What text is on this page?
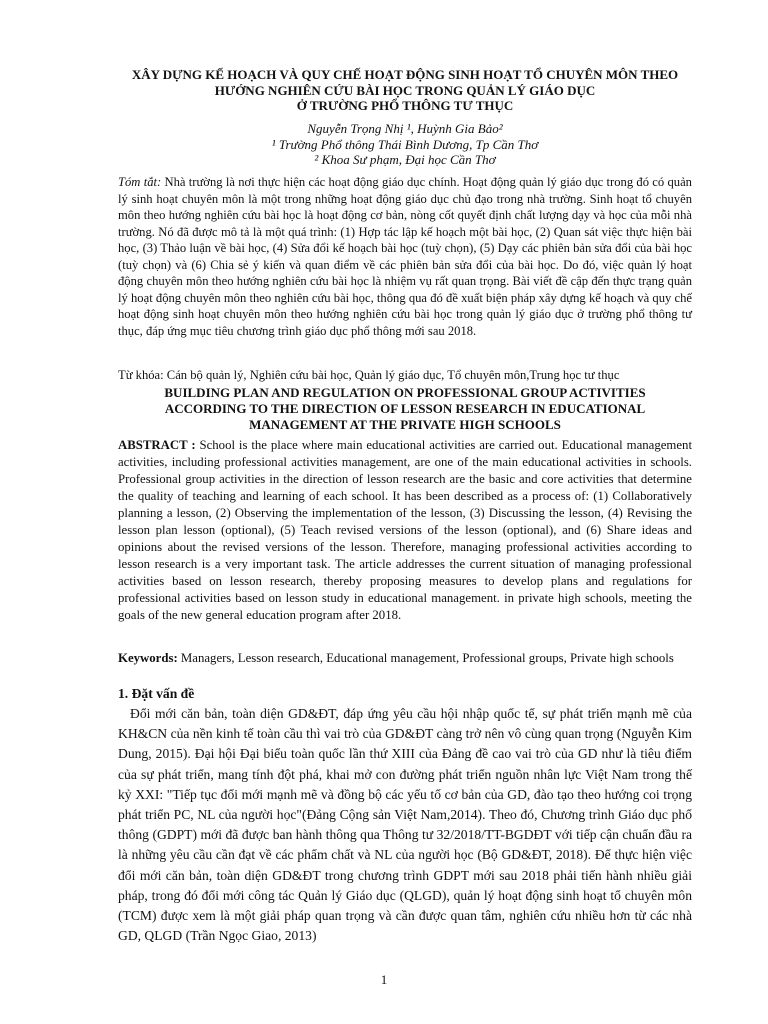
XÂY DỰNG KẾ HOẠCH VÀ QUY CHẾ HOẠT ĐỘNG SINH HOẠT TỔ CHUYÊN MÔN THEO
HƯỚNG NGHIÊN CỨU BÀI HỌC TRONG QUẢN LÝ GIÁO DỤC
Ở TRƯỜNG PHỔ THÔNG TƯ THỤC
Nguyễn Trọng Nhị ¹, Huỳnh Gia Bảo²
¹ Trường Phổ thông Thái Bình Dương, Tp Cần Thơ
² Khoa Sư phạm, Đại học Cần Thơ

Tóm tắt: Nhà trường là nơi thực hiện các hoạt động giáo dục chính. Hoạt động quản lý giáo dục trong đó có quản lý sinh hoạt chuyên môn là một trong những hoạt động giáo dục chủ đạo trong nhà trường. Sinh hoạt tổ chuyên môn theo hướng nghiên cứu bài học là hoạt động cơ bản, nòng cốt quyết định chất lượng dạy và học của mỗi nhà trường. Nó đã được mô tả là một quá trình: (1) Hợp tác lập kế hoạch một bài học, (2) Quan sát việc thực hiện bài học, (3) Thảo luận về bài học, (4) Sửa đổi kế hoạch bài học (tuỳ chọn), (5) Dạy các phiên bản sửa đổi của bài học (tuỳ chọn) và (6) Chia sẻ ý kiến và quan điểm về các phiên bản sửa đổi của bài học. Do đó, việc quản lý hoạt động chuyên môn theo hướng nghiên cứu bài học là nhiệm vụ rất quan trọng. Bài viết đề cập đến thực trạng quản lý hoạt động chuyên môn theo nghiên cứu bài học, thông qua đó đề xuất biện pháp xây dựng kế hoạch và quy chế hoạt động sinh hoạt chuyên môn theo hướng nghiên cứu bài học trong quản lý giáo dục ở trường phổ thông tư thục, đáp ứng mục tiêu chương trình giáo dục phổ thông mới sau 2018.

Từ khóa: Cán bộ quản lý, Nghiên cứu bài học, Quản lý giáo dục, Tổ chuyên môn,Trung học tư thục

BUILDING PLAN AND REGULATION ON PROFESSIONAL GROUP ACTIVITIES
ACCORDING TO THE DIRECTION OF LESSON RESEARCH IN EDUCATIONAL
MANAGEMENT AT THE PRIVATE HIGH SCHOOLS

ABSTRACT : School is the place where main educational activities are carried out. Educational management activities, including professional activities management, are one of the main educational activities in schools. Professional group activities in the direction of lesson research are the basic and core activities that determine the quality of teaching and learning of each school. It has been described as a process of: (1) Collaboratively planning a lesson, (2) Observing the implementation of the lesson, (3) Discussing the lesson, (4) Revising the lesson plan lesson (optional), (5) Teach revised versions of the lesson (optional), and (6) Share ideas and opinions about the revised versions of the lesson. Therefore, managing professional activities according to lesson research is a very important task. The article addresses the current situation of managing professional activities based on lesson research, thereby proposing measures to develop plans and regulations for professional activities based on lesson study in educational management. in private high schools, meeting the goals of the new general education program after 2018.

Keywords: Managers, Lesson research, Educational management, Professional groups, Private high schools

1. Đặt vấn đề

Đổi mới căn bản, toàn diện GD&ĐT, đáp ứng yêu cầu hội nhập quốc tế, sự phát triển mạnh mẽ của KH&CN của nền kinh tế toàn cầu thì vai trò của GD&ĐT càng trở nên vô cùng quan trọng (Nguyễn Kim Dung, 2015). Đại hội Đại biểu toàn quốc lần thứ XIII của Đảng đề cao vai trò của GD như là tiêu điểm của sự phát triển, mang tính đột phá, khai mở con đường phát triển nguồn nhân lực Việt Nam trong thế kỷ XXI: "Tiếp tục đổi mới mạnh mẽ và đồng bộ các yếu tố cơ bản của GD, đào tạo theo hướng coi trọng phát triển PC, NL của người học"(Đảng Cộng sản Việt Nam,2014). Theo đó, Chương trình Giáo dục phổ thông (GDPT) mới đã được ban hành thông qua Thông tư 32/2018/TT-BGDĐT với tiếp cận chuẩn đầu ra là những yêu cầu cần đạt về các phẩm chất và NL của người học (Bộ GD&ĐT, 2018). Để thực hiện việc đổi mới căn bản, toàn diện GD&ĐT trong chương trình GDPT mới sau 2018 phải tiến hành nhiều giải pháp, trong đó đổi mới công tác Quản lý Giáo dục (QLGD), quản lý hoạt động sinh hoạt tổ chuyên môn (TCM) được xem là một giải pháp quan trọng và cần được quan tâm, nghiên cứu nhiều hơn từ các nhà GD, QLGD (Trần Ngọc Giao, 2013)

1
